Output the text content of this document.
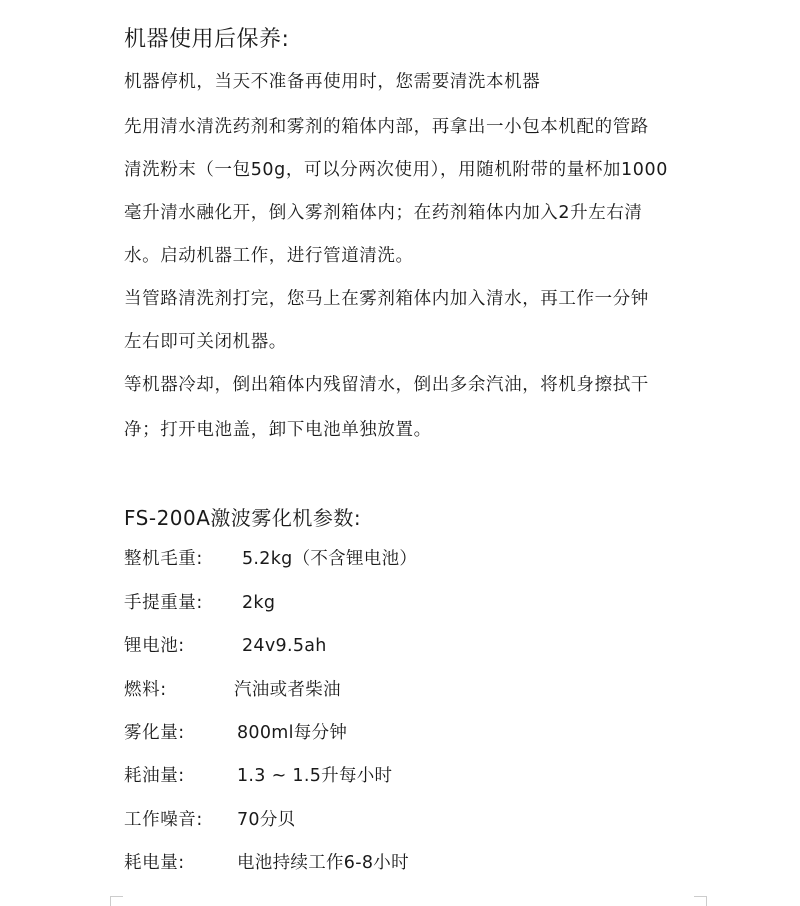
机器使用后保养:
机器停机，当天不准备再使用时，您需要清洗本机器
先用清水清洗药剂和雾剂的箱体内部，再拿出一小包本机配的管路
清洗粉末（一包50g，可以分两次使用），用随机附带的量杯加1000
毫升清水融化开，倒入雾剂箱体内；在药剂箱体内加入2升左右清
水。启动机器工作，进行管道清洗。
当管路清洗剂打完，您马上在雾剂箱体内加入清水，再工作一分钟
左右即可关闭机器。
等机器冷却，倒出箱体内残留清水，倒出多余汽油，将机身擦拭干
净；打开电池盖，卸下电池单独放置。
FS-200A激波雾化机参数:
整机毛重: 5.2kg（不含锂电池）
手提重量: 2kg
锂电池:	24v9.5ah
燃料:	汽油或者柴油
雾化量:	800ml每分钟
耗油量:	1.3 ~ 1.5升每小时
工作噪音: 70分贝
耗电量:	电池持续工作6-8小时
